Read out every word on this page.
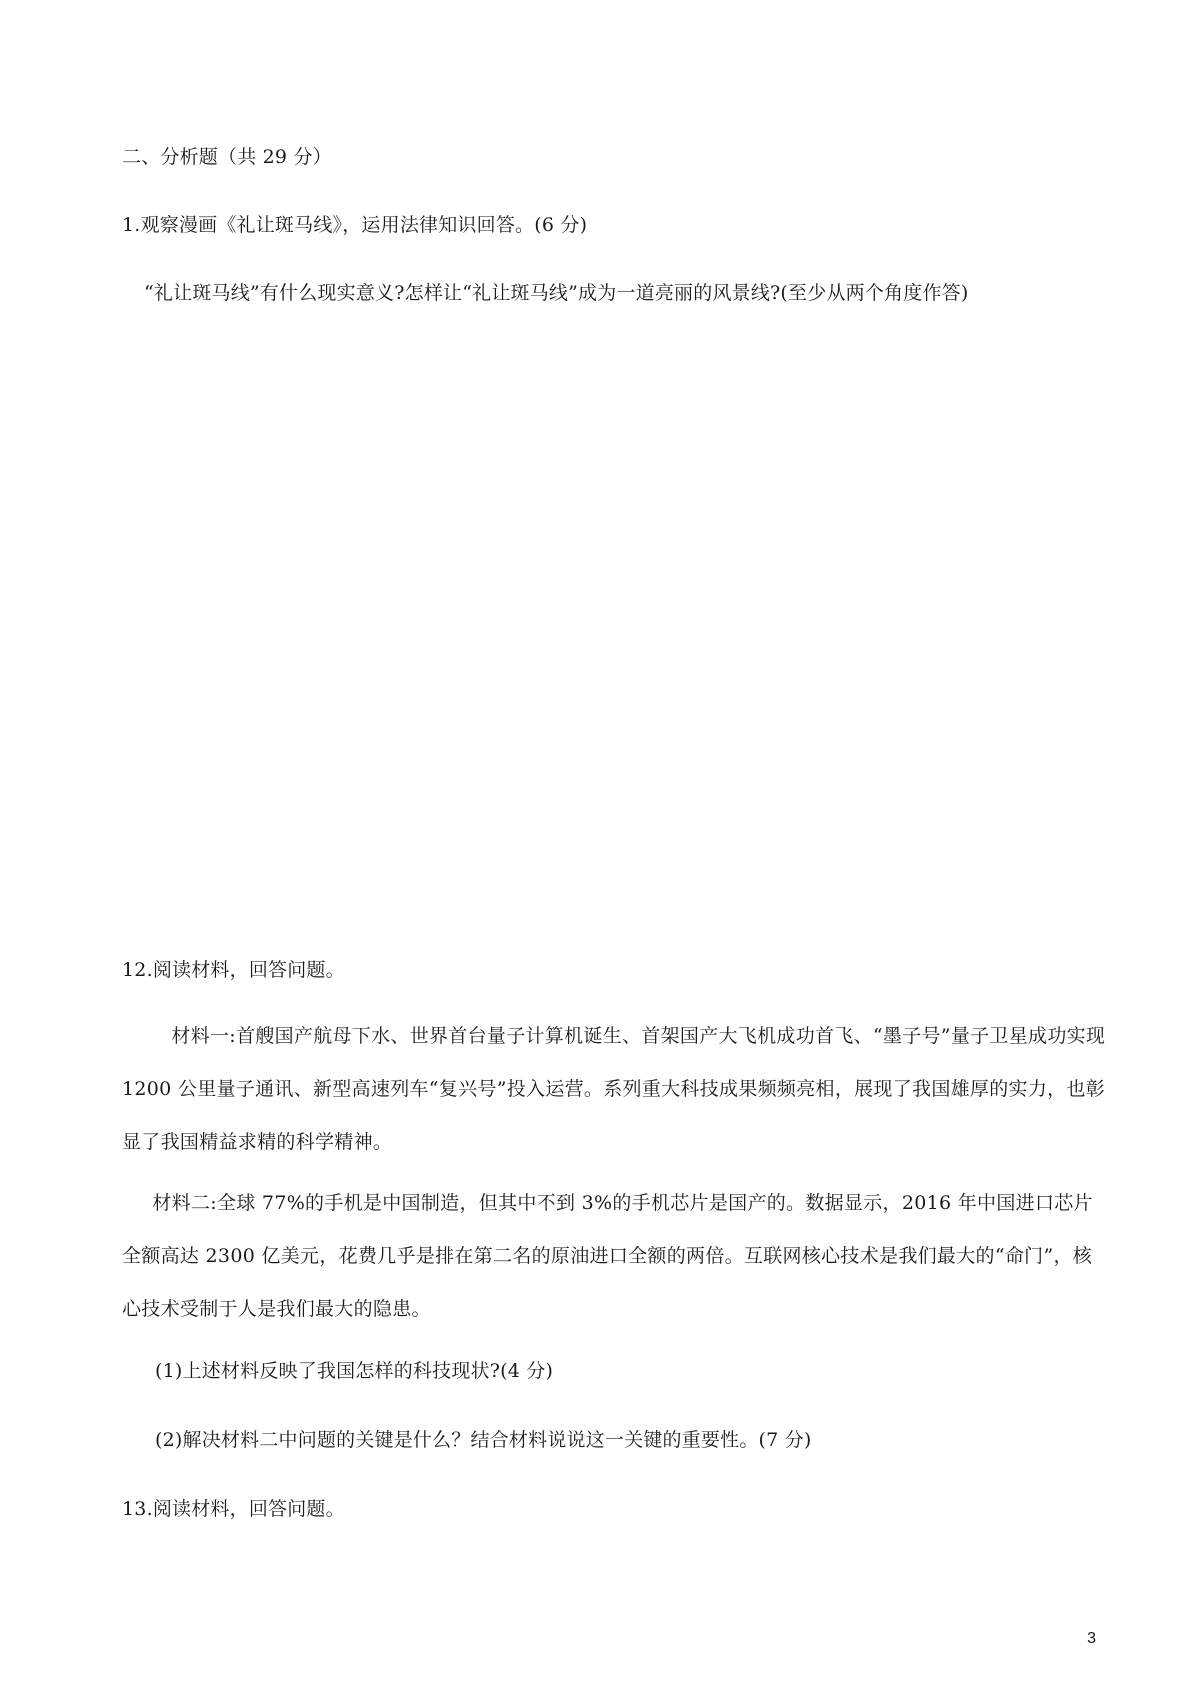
二、分析题（共 29 分）
1.观察漫画《礼让斑马线》，运用法律知识回答。(6 分)
“礼让斑马线”有什么现实意义?怎样让“礼让斑马线”成为一道亮丽的风景线?(至少从两个角度作答)
12.阅读材料，回答问题。
材料一:首艘国产航母下水、世界首台量子计算机诞生、首架国产大飞机成功首飞、“墨子号”量子卫星成功实现 1200 公里量子通讯、新型高速列车“复兴号”投入运营。系列重大科技成果频频亮相，展现了我国雄厚的实力，也彰显了我国精益求精的科学精神。
材料二:全球 77%的手机是中国制造，但其中不到 3%的手机芯片是国产的。数据显示，2016 年中国进口芯片全额高达 2300 亿美元，花费几乎是排在第二名的原油进口全额的两倍。互联网核心技术是我们最大的“命门”，核心技术受制于人是我们最大的隐患。
(1)上述材料反映了我国怎样的科技现状?(4 分)
(2)解决材料二中问题的关键是什么？结合材料说说这一关键的重要性。(7 分)
13.阅读材料，回答问题。
3
